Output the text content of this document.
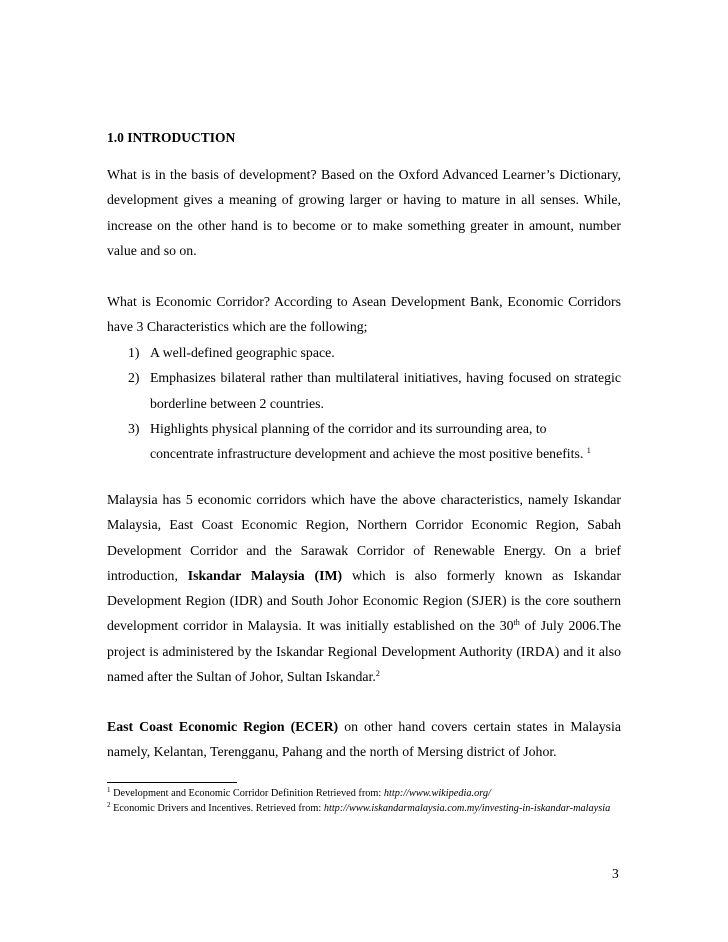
1.0 INTRODUCTION

What is in the basis of development? Based on the Oxford Advanced Learner’s Dictionary, development gives a meaning of growing larger or having to mature in all senses. While, increase on the other hand is to become or to make something greater in amount, number value and so on.

What is Economic Corridor? According to Asean Development Bank, Economic Corridors have 3 Characteristics which are the following;

1) A well-defined geographic space.
2) Emphasizes bilateral rather than multilateral initiatives, having focused on strategic borderline between 2 countries.
3) Highlights physical planning of the corridor and its surrounding area, to
concentrate infrastructure development and achieve the most positive benefits. $^1$

Malaysia has 5 economic corridors which have the above characteristics, namely Iskandar Malaysia, East Coast Economic Region, Northern Corridor Economic Region, Sabah Development Corridor and the Sarawak Corridor of Renewable Energy. On a brief introduction, Iskandar Malaysia (IM) which is also formerly known as Iskandar Development Region (IDR) and South Johor Economic Region (SJER) is the core southern development corridor in Malaysia. It was initially established on the 30th of July 2006.The project is administered by the Iskandar Regional Development Authority (IRDA) and it also named after the Sultan of Johor, Sultan Iskandar.$^2$

East Coast Economic Region (ECER) on other hand covers certain states in Malaysia namely, Kelantan, Terengganu, Pahang and the north of Mersing district of Johor.

$^1$ Development and Economic Corridor Definition Retrieved from: http://www.wikipedia.org/

$^2$ Economic Drivers and Incentives. Retrieved from: http://www.iskandarmalaysia.com.my/investing-in-iskandar-malaysia

3
